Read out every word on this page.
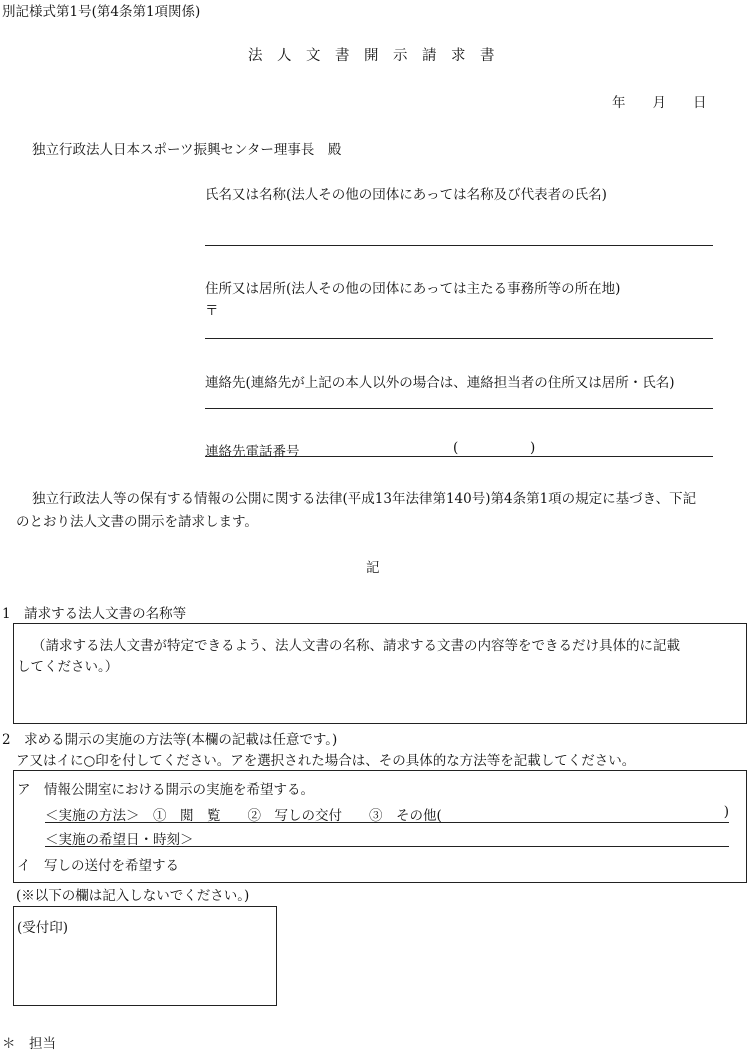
別記様式第1号(第4条第1項関係)
法　人　文　書　開　示　請　求　書
年　　月　　日
独立行政法人日本スポーツ振興センター理事長　殿
氏名又は名称(法人その他の団体にあっては名称及び代表者の氏名)
住所又は居所(法人その他の団体にあっては主たる事務所等の所在地)
〒
連絡先(連絡先が上記の本人以外の場合は、連絡担当者の住所又は居所・氏名)
連絡先電話番号	(	)
独立行政法人等の保有する情報の公開に関する法律(平成13年法律第140号)第4条第1項の規定に基づき、下記
のとおり法人文書の開示を請求します。
記
1　請求する法人文書の名称等
（請求する法人文書が特定できるよう、法人文書の名称、請求する文書の内容等をできるだけ具体的に記載
してください。）
2　求める開示の実施の方法等(本欄の記載は任意です。)
ア又はイに○印を付してください。アを選択された場合は、その具体的な方法等を記載してください。
ア　情報公開室における開示の実施を希望する。
＜実施の方法＞　①　閲　覧　　②　写しの交付　　③　その他(	)
＜実施の希望日・時刻＞
イ　写しの送付を希望する
(※以下の欄は記入しないでください。)
(受付印)
＊　担当
